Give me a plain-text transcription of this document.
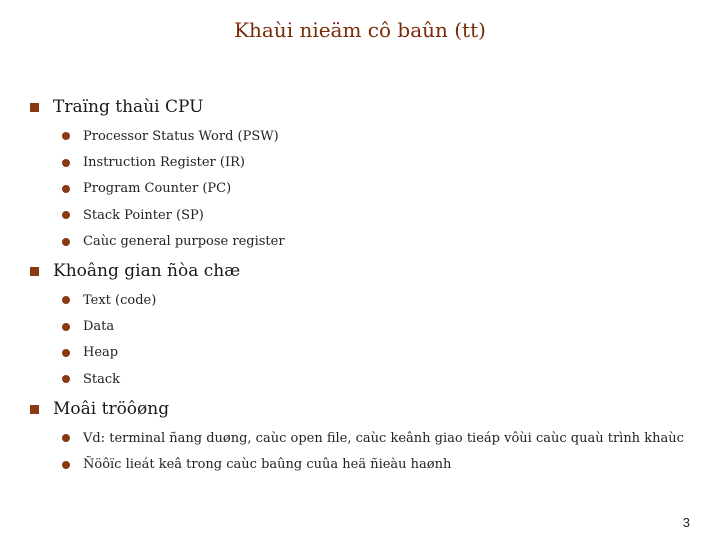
Khaùi nieäm cô baûn (tt)
Traïng thaùi CPU
Processor Status Word (PSW)
Instruction Register (IR)
Program Counter (PC)
Stack Pointer (SP)
Caùc general purpose register
Khoâng gian ñòa chæ
Text (code)
Data
Heap
Stack
Moâi tröôøng
Vd: terminal ñang duøng, caùc open file, caùc keânh giao tieáp vôùi caùc quaù trình khaùc
Ñöôïc lieát keâ trong caùc baûng cuûa heä ñieàu haønh
3
